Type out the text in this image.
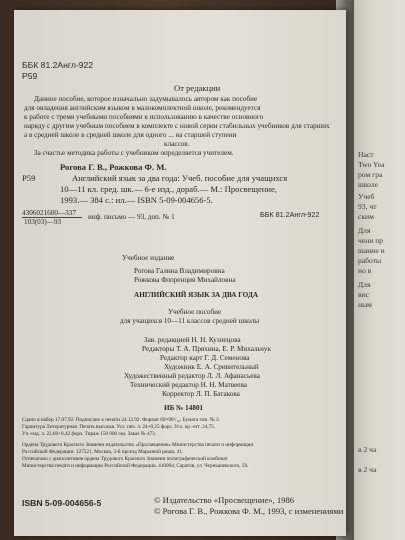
Наст
Two Yea
ром гра
школе
Учеб
93, чт
ским
Для
чени пр
шание и
работы
но в
Для
вис
ным
в 2 ча
в 2 ча
ББК 81.2Англ-922
Р59
От редакции
Данное пособие, которое изначально задумывалось автором как пособие
для овладения английским языком в малокомплектной школе, рекомендуется
к работе с тремя учебными пособиями в использованию в качестве основного
наряду с другим учебным пособием в комплекте с новой серии стабильных учебников для старших
а в средней школе в средней школе для одного ... на старшей ступени
классов.
За счастье методика работы с учебником определяется учителем.
Рогова Г. В., Рожкова Ф. М.
Р59	Английский язык за два года: Учеб. пособие для учащихся
10—11 кл. сред. шк.— 6-е изд., дораб.— М.: Просвещение,
1993.— 384 с.: ил.— ISBN 5-09-004656-5.
4306021600—337
103(03)—93
инф. письмо — 93, доп. № 1	ББК 81.2Англ-922
Учебное издание
Рогова Галина Владимировна
Рожкова Флоренция Михайловна
АНГЛИЙСКИЙ ЯЗЫК ЗА ДВА ГОДА
Учебное пособие
для учащихся 10—11 классов средней школы
Зав. редакцией Н. Н. Кузнецова
Редакторы Т. А. Пряхина, Е. Р. Михальчук
Редактор карт Г. Д. Семенова
Художник Е. А. Сривительный
Художественный редактор Л. Л. Афанасьева
Технический редактор Н. Н. Матвеева
Корректор Л. П. Батакова
ИБ № 14801
Сдано в набор 17.07.92. Подписано к печати 24.12.92. Формат 60×90¹/₁₆. Бумага тип. № 2.
Гарнитура Литературная. Печать высокая. Усл. печ. л. 24+0,25 форз. Усл. кр.-отт. 24,75.
Уч.-изд. л. 22,60+0,42 форз. Тираж 150 000 экз. Заказ № 473.
Ордена Трудового Красного Знамени издательство «Просвещение» Министерства печати и информации
Российской Федерации. 127521, Москва, 3-й проезд Марьиной рощи, 41.
Отпечатано с диапозитивов ордена Трудового Красного Знамени полиграфический комбинат
Министерства печати и информации Российской Федерации. 410004, Саратов, ул. Чернышевского, 59.
ISBN 5-09-004656-5	© Издательство «Просвещение», 1986
© Рогова Г. В., Рожкова Ф. М., 1993, с изменениями
